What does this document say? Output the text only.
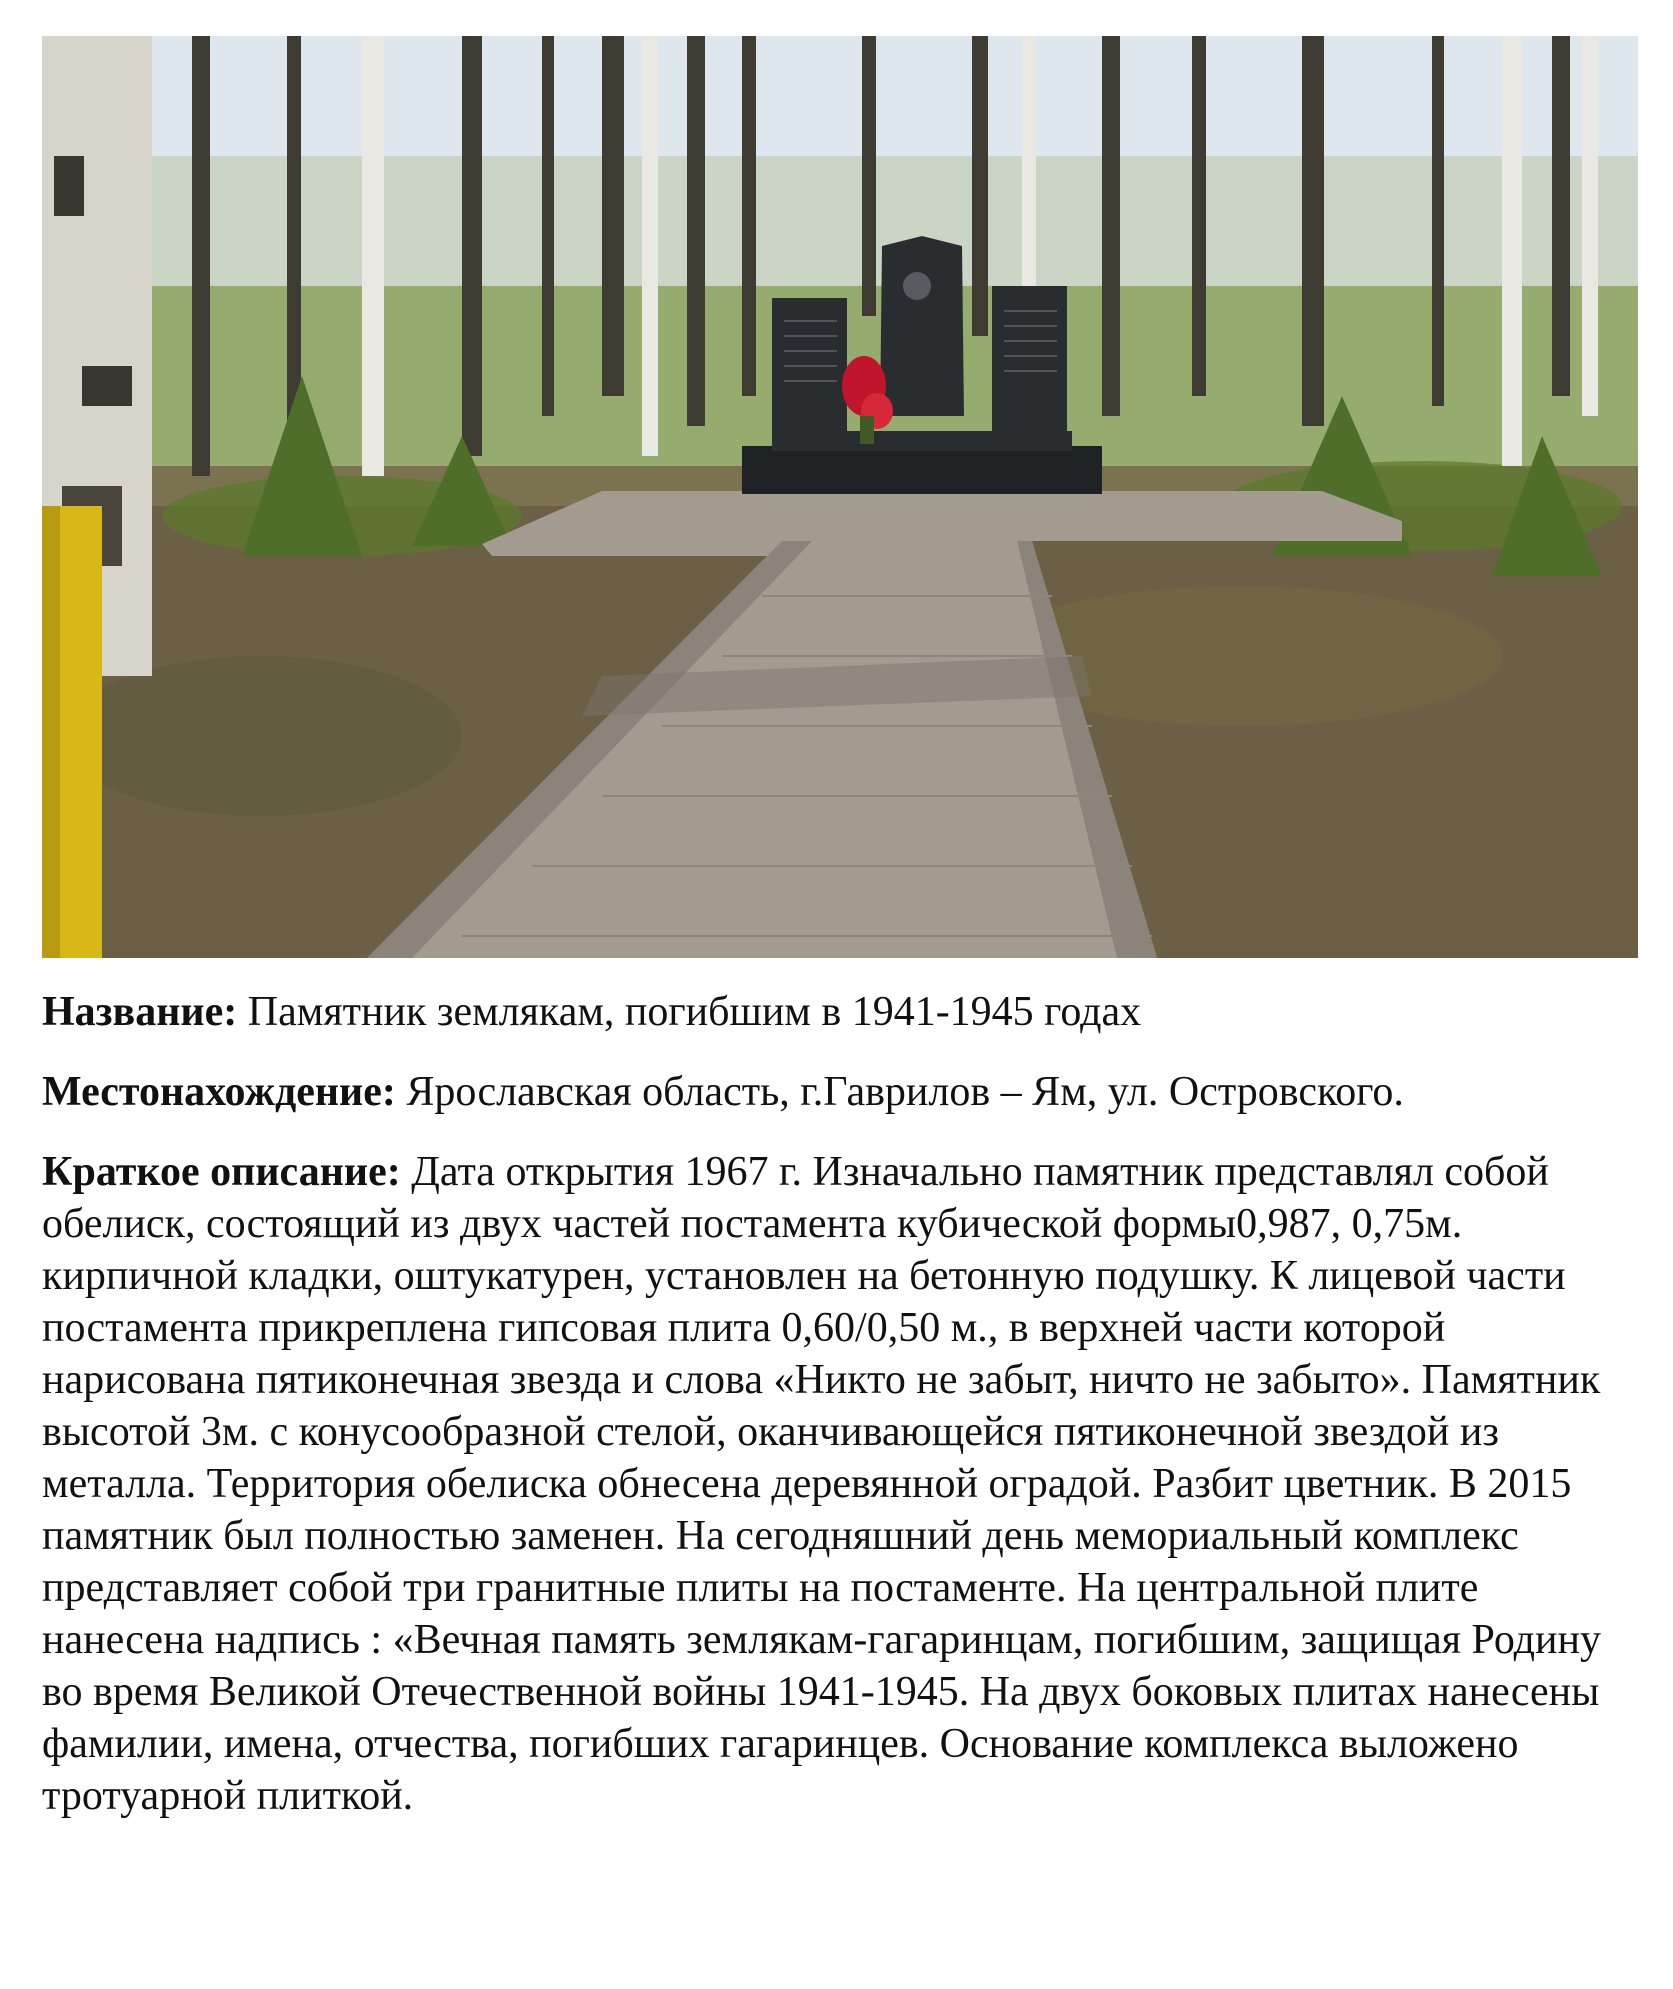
Название: Памятник землякам, погибшим в 1941-1945 годах

Местонахождение: Ярославская область, г.Гаврилов – Ям, ул. Островского.

Краткое описание: Дата открытия 1967 г. Изначально памятник представлял собой обелиск, состоящий из двух частей постамента кубической формы0,987, 0,75м. кирпичной кладки, оштукатурен, установлен на бетонную подушку. К лицевой части постамента прикреплена гипсовая плита 0,60/0,50 м., в верхней части которой нарисована пятиконечная звезда и слова «Никто не забыт, ничто не забыто». Памятник высотой 3м. с конусообразной стелой, оканчивающейся пятиконечной звездой из металла. Территория обелиска обнесена деревянной оградой. Разбит цветник. В 2015 памятник был полностью заменен. На сегодняшний день мемориальный комплекс представляет собой три гранитные плиты на постаменте. На центральной плите нанесена надпись : «Вечная память землякам-гагаринцам, погибшим, защищая Родину во время Великой Отечественной войны 1941-1945. На двух боковых плитах нанесены фамилии, имена, отчества, погибших гагаринцев. Основание комплекса выложено тротуарной плиткой.
